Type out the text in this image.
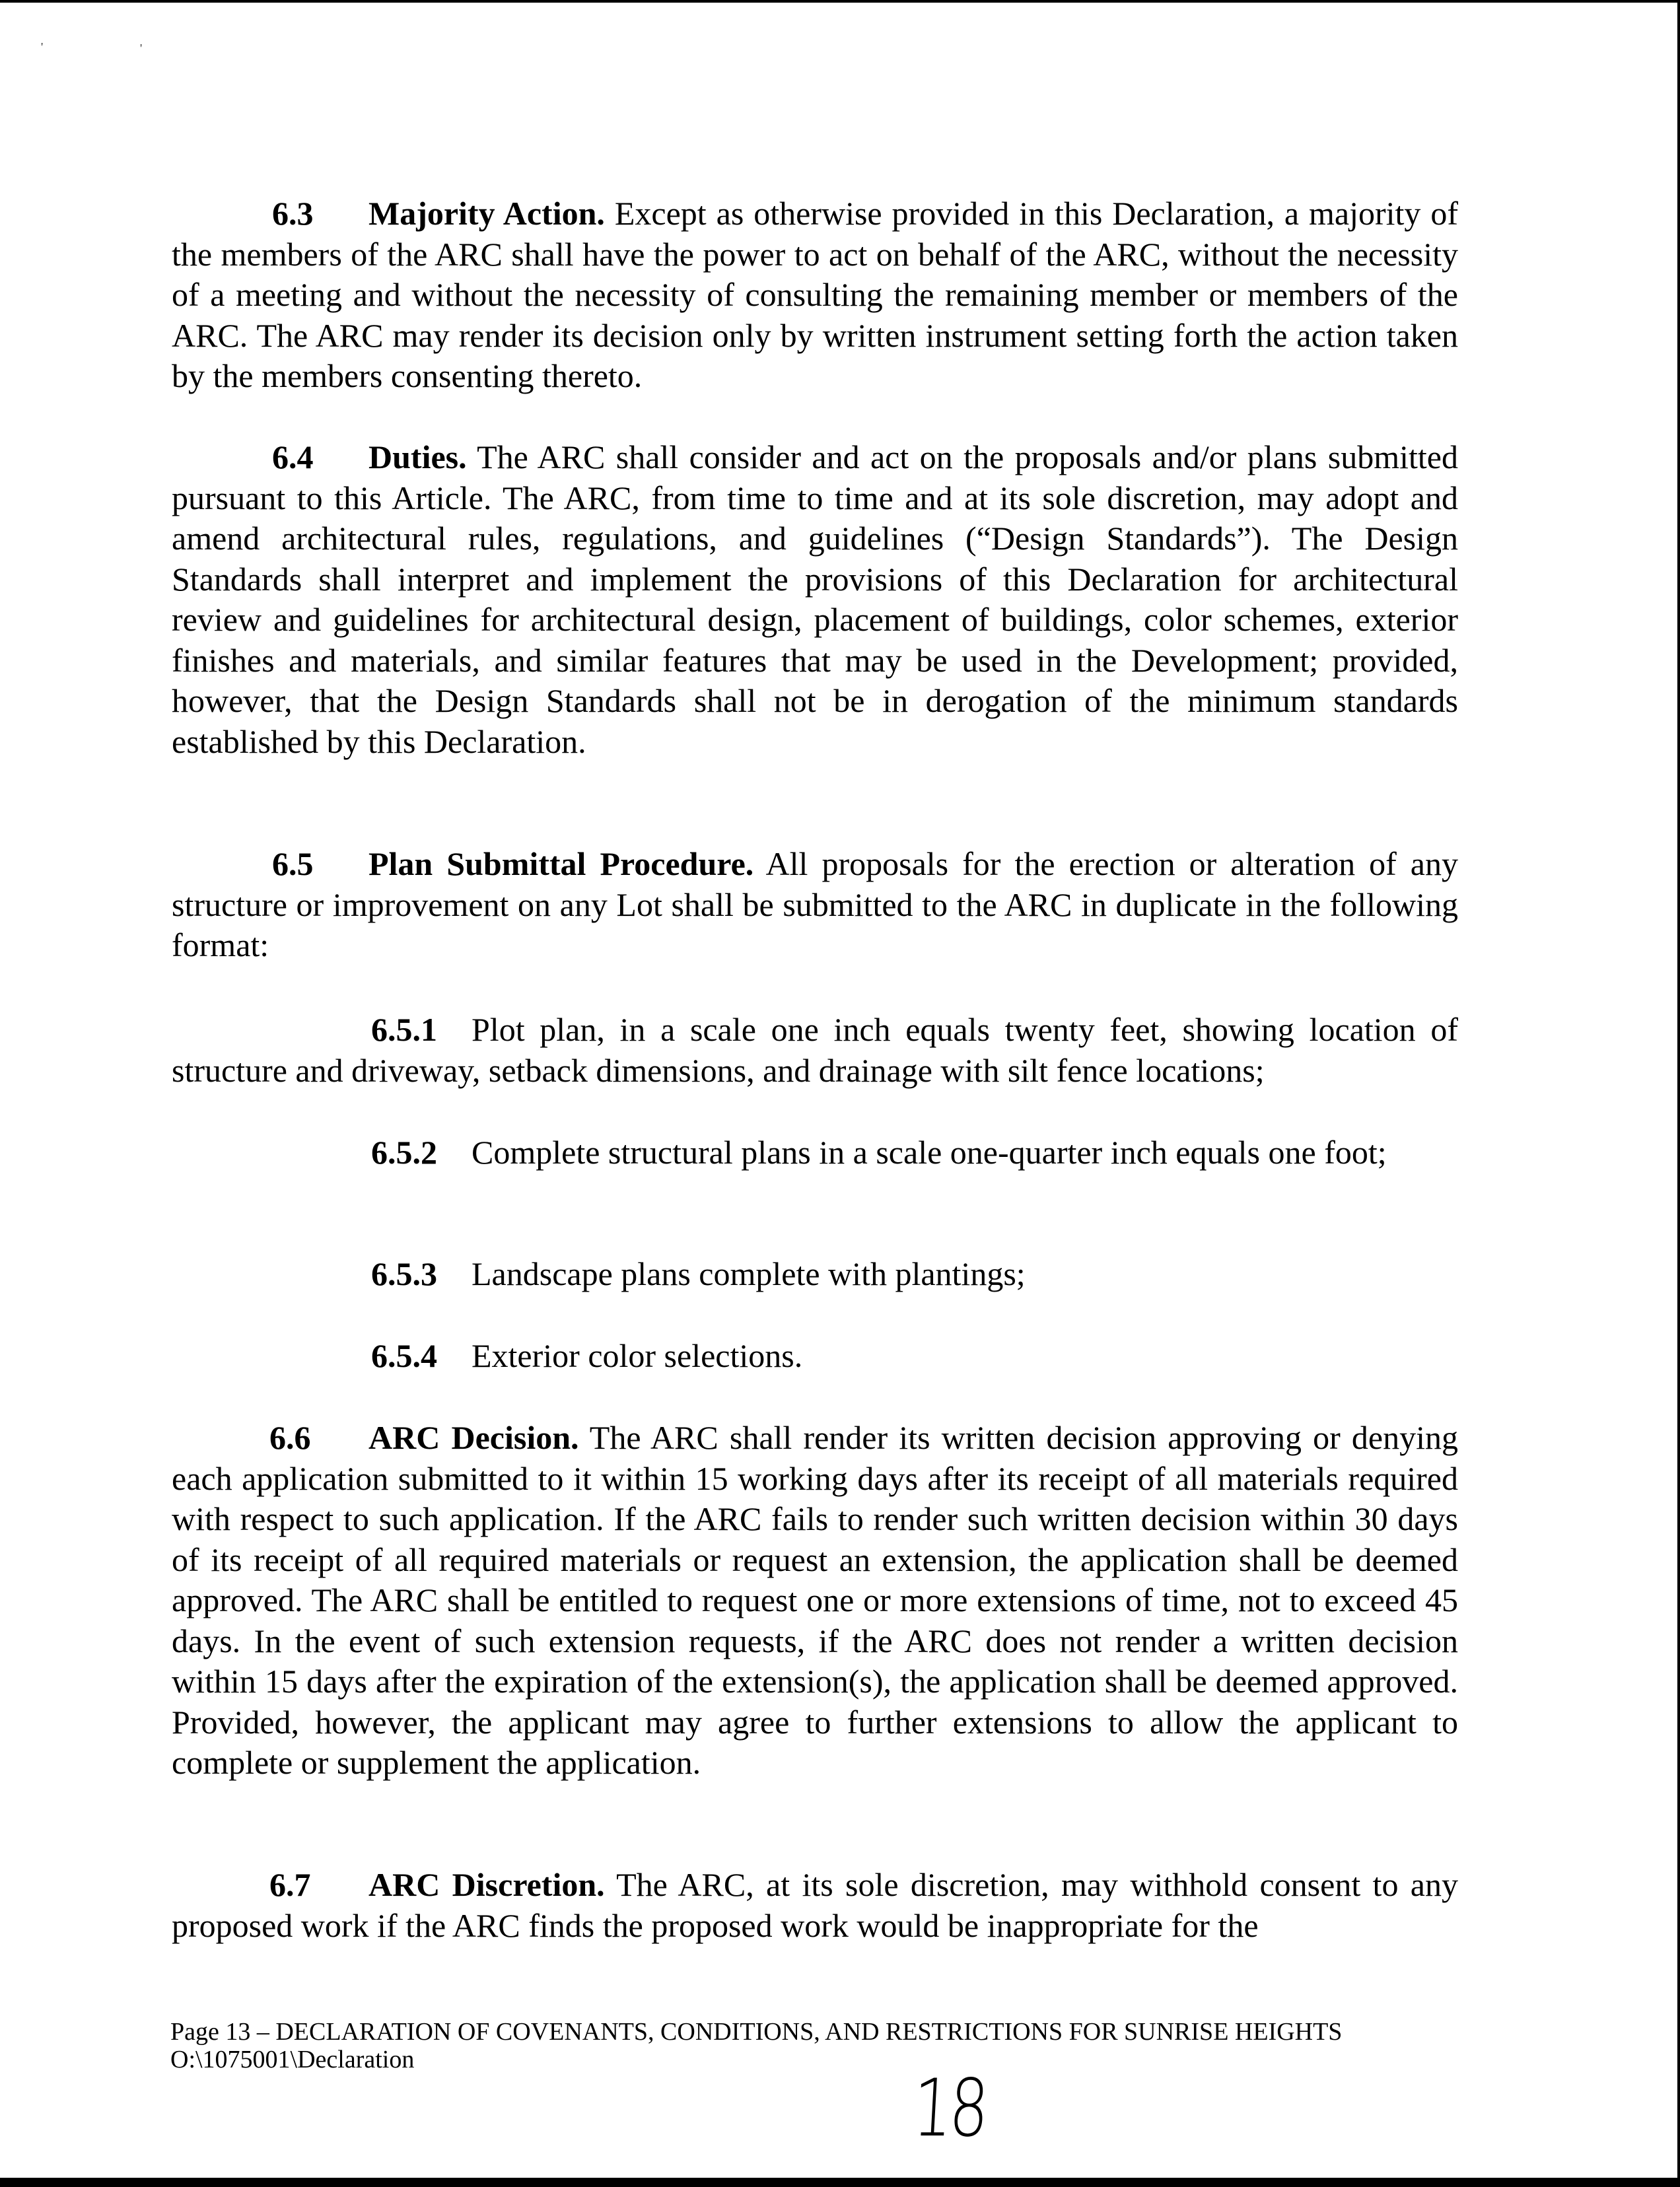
'	'
6.3 Majority Action. Except as otherwise provided in this Declaration, a majority of the members of the ARC shall have the power to act on behalf of the ARC, without the necessity of a meeting and without the necessity of consulting the remaining member or members of the ARC. The ARC may render its decision only by written instrument setting forth the action taken by the members consenting thereto.
6.4 Duties. The ARC shall consider and act on the proposals and/or plans submitted pursuant to this Article. The ARC, from time to time and at its sole discretion, may adopt and amend architectural rules, regulations, and guidelines (“Design Standards”). The Design Standards shall interpret and implement the provisions of this Declaration for architectural review and guidelines for architectural design, placement of buildings, color schemes, exterior finishes and materials, and similar features that may be used in the Development; provided, however, that the Design Standards shall not be in derogation of the minimum standards established by this Declaration.
6.5 Plan Submittal Procedure. All proposals for the erection or alteration of any structure or improvement on any Lot shall be submitted to the ARC in duplicate in the following format:
6.5.1 Plot plan, in a scale one inch equals twenty feet, showing location of structure and driveway, setback dimensions, and drainage with silt fence locations;
6.5.2 Complete structural plans in a scale one-quarter inch equals one foot;
6.5.3 Landscape plans complete with plantings;
6.5.4 Exterior color selections.
6.6 ARC Decision. The ARC shall render its written decision approving or denying each application submitted to it within 15 working days after its receipt of all materials required with respect to such application. If the ARC fails to render such written decision within 30 days of its receipt of all required materials or request an extension, the application shall be deemed approved. The ARC shall be entitled to request one or more extensions of time, not to exceed 45 days. In the event of such extension requests, if the ARC does not render a written decision within 15 days after the expiration of the extension(s), the application shall be deemed approved. Provided, however, the applicant may agree to further extensions to allow the applicant to complete or supplement the application.
6.7 ARC Discretion. The ARC, at its sole discretion, may withhold consent to any proposed work if the ARC finds the proposed work would be inappropriate for the
Page 13 – DECLARATION OF COVENANTS, CONDITIONS, AND RESTRICTIONS FOR SUNRISE HEIGHTS
O:\1075001\Declaration
18
